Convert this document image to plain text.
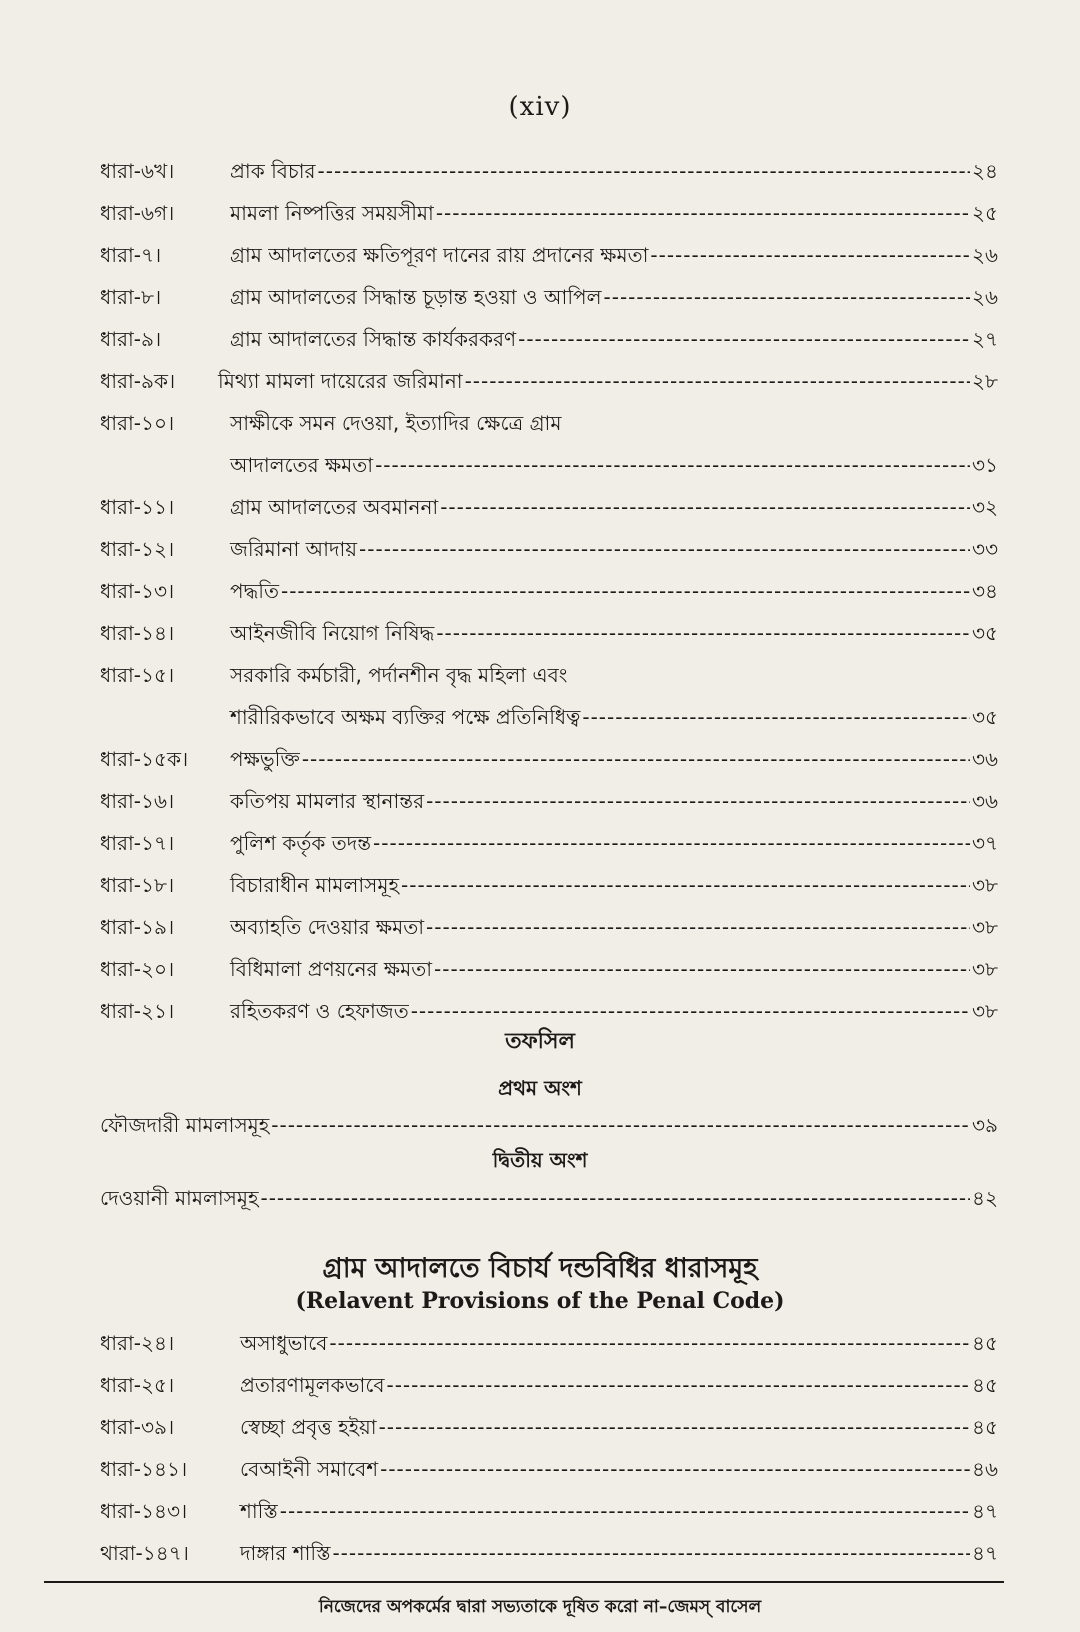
(xiv)
ধারা-৬খ।	প্রাক বিচার -----	২৪
ধারা-৬গ।	মামলা নিষ্পত্তির সময়সীমা -----	২৫
ধারা-৭।	গ্রাম আদালতের ক্ষতিপূরণ দানের রায় প্রদানের ক্ষমতা -----	২৬
ধারা-৮।	গ্রাম আদালতের সিদ্ধান্ত চূড়ান্ত হওয়া ও আপিল -----	২৬
ধারা-৯।	গ্রাম আদালতের সিদ্ধান্ত কার্যকরকরণ -----	২৭
ধারা-৯ক। মিথ্যা মামলা দায়েরের জরিমানা -----	২৮
ধারা-১০।	সাক্ষীকে সমন দেওয়া, ইত্যাদির ক্ষেত্রে গ্রাম
আদালতের ক্ষমতা -----	৩১
ধারা-১১।	গ্রাম আদালতের অবমাননা -----	৩২
ধারা-১২।	জরিমানা আদায় -----	৩৩
ধারা-১৩।	পদ্ধতি -----	৩৪
ধারা-১৪।	আইনজীবি নিয়োগ নিষিদ্ধ -----	৩৫
ধারা-১৫।	সরকারি কর্মচারী, পর্দানশীন বৃদ্ধ মহিলা এবং
শারীরিকভাবে অক্ষম ব্যক্তির পক্ষে প্রতিনিধিত্ব -----	৩৫
ধারা-১৫ক। পক্ষভুক্তি -----	৩৬
ধারা-১৬।	কতিপয় মামলার স্থানান্তর -----	৩৬
ধারা-১৭।	পুলিশ কর্তৃক তদন্ত -----	৩৭
ধারা-১৮।	বিচারাধীন মামলাসমূহ -----	৩৮
ধারা-১৯।	অব্যাহতি দেওয়ার ক্ষমতা -----	৩৮
ধারা-২০।	বিধিমালা প্রণয়নের ক্ষমতা -----	৩৮
ধারা-২১।	রহিতকরণ ও হেফাজত -----	৩৮
তফসিল
প্রথম অংশ
ফৌজদারী মামলাসমূহ -----	৩৯
দ্বিতীয় অংশ
দেওয়ানী মামলাসমূহ -----	৪২
গ্রাম আদালতে বিচার্য দন্ডবিধির ধারাসমূহ
(Relavent Provisions of the Penal Code)
ধারা-২৪।	অসাধুভাবে -----	৪৫
ধারা-২৫।	প্রতারণামূলকভাবে -----	৪৫
ধারা-৩৯।	স্বেচ্ছা প্রবৃত্ত হইয়া -----	৪৫
ধারা-১৪১।	বেআইনী সমাবেশ -----	৪৬
ধারা-১৪৩।	শাস্তি -----	৪৭
থারা-১৪৭।	দাঙ্গার শাস্তি -----	৪৭
নিজেদের অপকর্মের দ্বারা সভ্যতাকে দূষিত করো না–জেমস্ বাসেল
